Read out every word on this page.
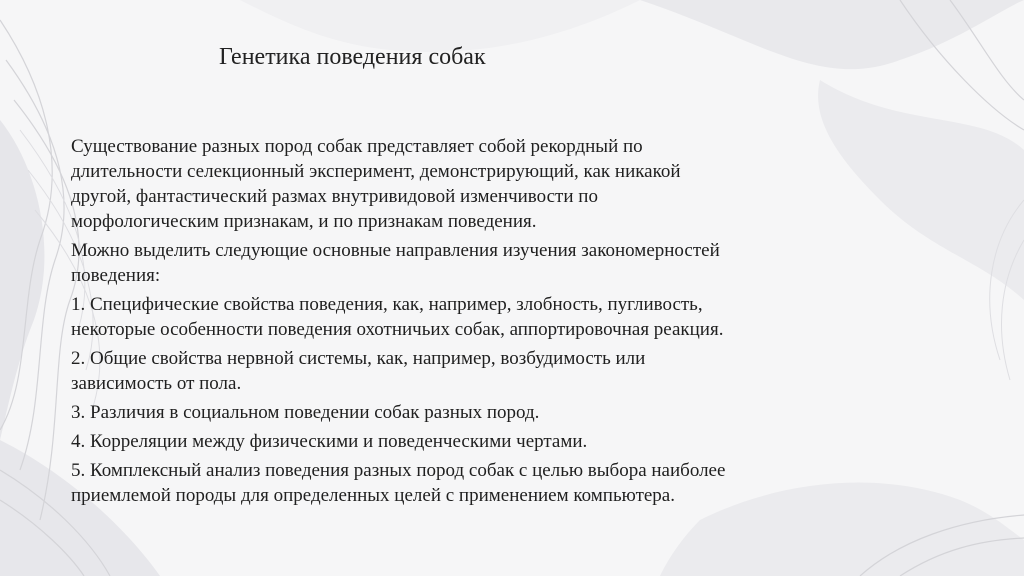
Генетика поведения собак

Существование разных пород собак представляет собой рекордный по
длительности селекционный эксперимент, демонстрирующий, как никакой
другой, фантастический размах внутривидовой изменчивости по
морфологическим признакам, и по признакам поведения.

Можно выделить следующие основные направления изучения закономерностей
поведения:

1. Специфические свойства поведения, как, например, злобность, пугливость,
некоторые особенности поведения охотничьих собак, аппортировочная реакция.

2. Общие свойства нервной системы, как, например, возбудимость или
зависимость от пола.

3. Различия в социальном поведении собак разных пород.

4. Корреляции между физическими и поведенческими чертами.

5. Комплексный анализ поведения разных пород собак с целью выбора наиболее
приемлемой породы для определенных целей с применением компьютера.
